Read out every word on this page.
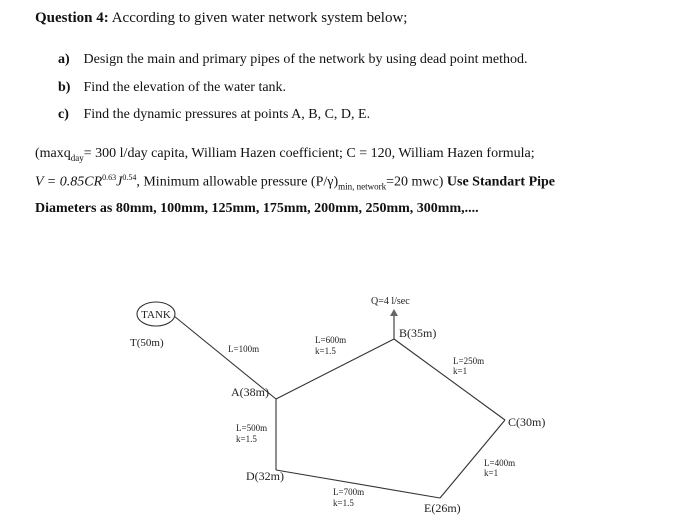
Question 4: According to given water network system below;
a) Design the main and primary pipes of the network by using dead point method.
b) Find the elevation of the water tank.
c) Find the dynamic pressures at points A, B, C, D, E.
(maxq$_{day}$= 300 l/day capita, William Hazen coefficient; C = 120, William Hazen formula;
$V = 0.85CR^{0.63}J^{0.54}$, Minimum allowable pressure $(P/\gamma)_{min, network}=20$ mwc) Use Standart Pipe
Diameters as 80mm, 100mm, 125mm, 175mm, 200mm, 250mm, 300mm,....
TANK
T(50m)	L=100m
A(38m)
L=600m
k=1.5
Q=4 l/sec
B(35m)
L=250m
k=1
C(30m)
L=500m
k=1.5
D(32m)
L=400m
k=1
L=700m
k=1.5	E(26m)
